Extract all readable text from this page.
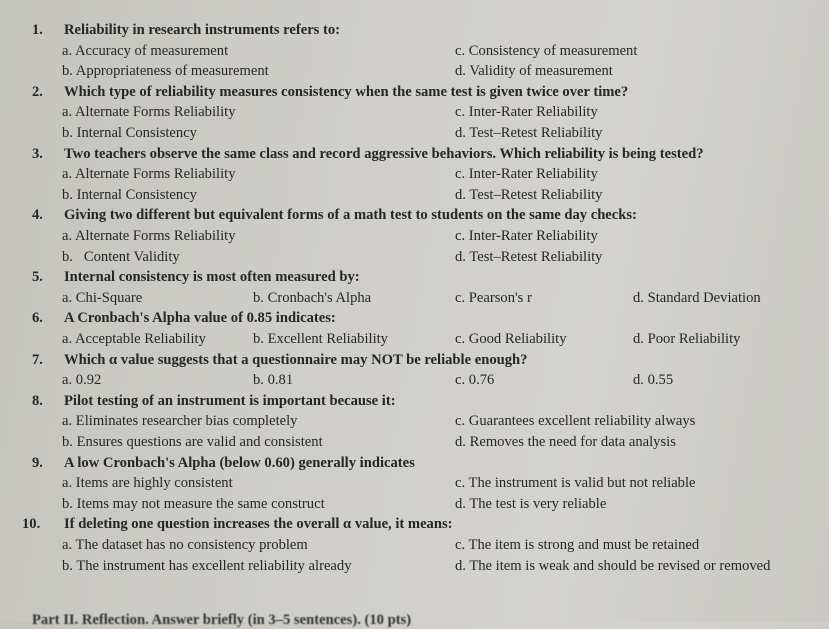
Part II. Reflection. Answer briefly (in 3–5 sentences). (10 pts)
1. Reliability in research instruments refers to:
a. Accuracy of measurement
b. Appropriateness of measurement
c. Consistency of measurement
d. Validity of measurement
2. Which type of reliability measures consistency when the same test is given twice over time?
a. Alternate Forms Reliability
b. Internal Consistency
c. Inter-Rater Reliability
d. Test–Retest Reliability
3. Two teachers observe the same class and record aggressive behaviors. Which reliability is being tested?
a. Alternate Forms Reliability
b. Internal Consistency
c. Inter-Rater Reliability
d. Test–Retest Reliability
4. Giving two different but equivalent forms of a math test to students on the same day checks:
a. Alternate Forms Reliability
b.   Content Validity
c. Inter-Rater Reliability
d. Test–Retest Reliability
5. Internal consistency is most often measured by:
a. Chi-Square	b. Cronbach's Alpha	c. Pearson's r	d. Standard Deviation
6. A Cronbach's Alpha value of 0.85 indicates:
a. Acceptable Reliability	b. Excellent Reliability	c. Good Reliability	d. Poor Reliability
7. Which α value suggests that a questionnaire may NOT be reliable enough?
a. 0.92	b. 0.81	c. 0.76	d. 0.55
8. Pilot testing of an instrument is important because it:
a. Eliminates researcher bias completely
b. Ensures questions are valid and consistent
c. Guarantees excellent reliability always
d. Removes the need for data analysis
9. A low Cronbach's Alpha (below 0.60) generally indicates
a. Items are highly consistent
b. Items may not measure the same construct
c. The instrument is valid but not reliable
d. The test is very reliable
10. If deleting one question increases the overall α value, it means:
a. The dataset has no consistency problem
b. The instrument has excellent reliability already
c. The item is strong and must be retained
d. The item is weak and should be revised or removed
